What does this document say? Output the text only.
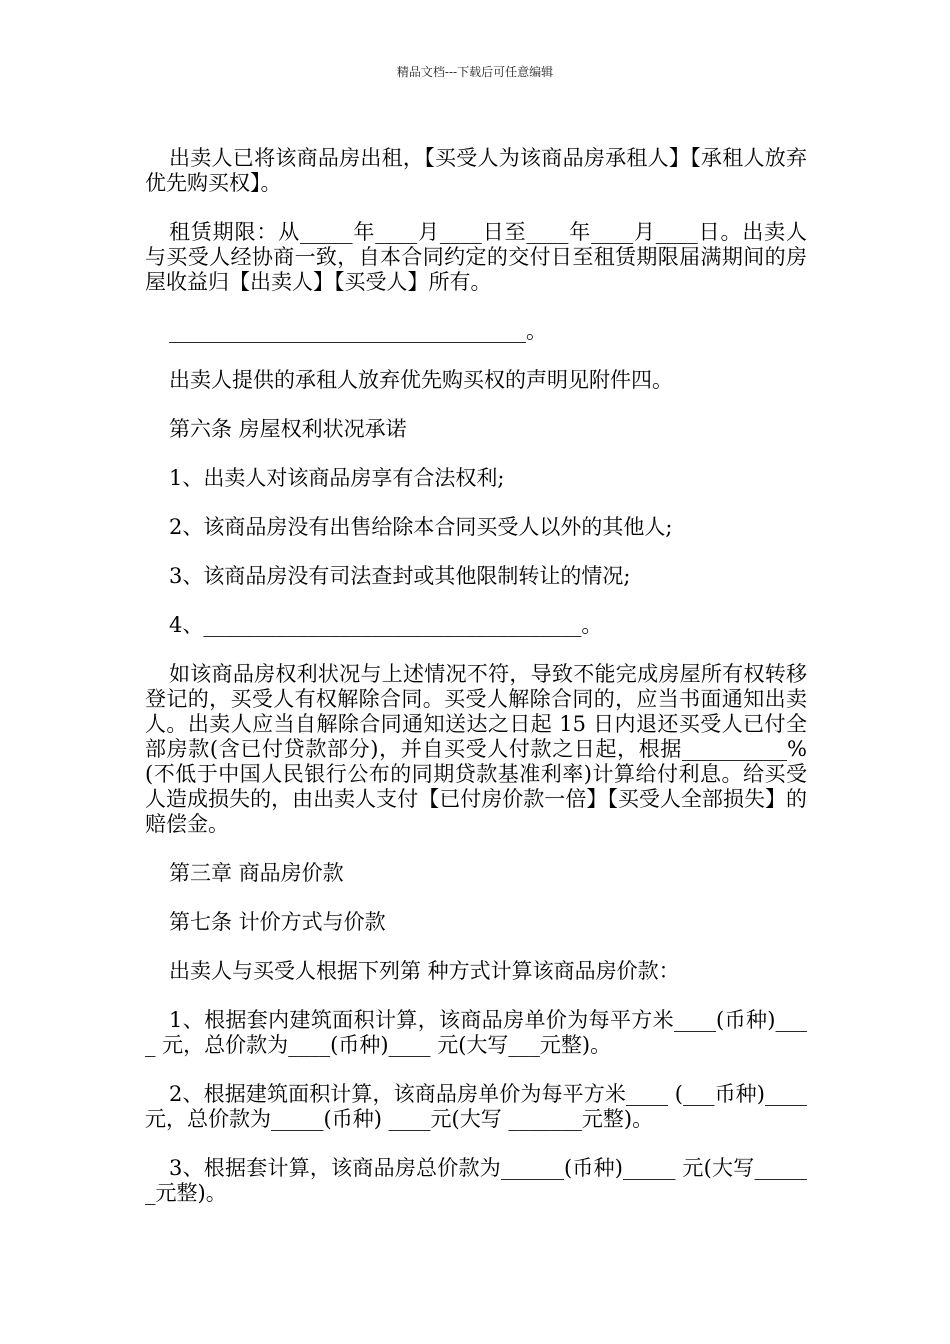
精品文档---下载后可任意编辑

出卖人已将该商品房出租，【买受人为该商品房承租人】【承租人放弃优先购买权】。

租赁期限：从_____年____月____日至____年____月____日。出卖人与买受人经协商一致，自本合同约定的交付日至租赁期限届满期间的房屋收益归【出卖人】【买受人】所有。

__________________________________。

出卖人提供的承租人放弃优先购买权的声明见附件四。

第六条 房屋权利状况承诺

1、出卖人对该商品房享有合法权利;

2、该商品房没有出售给除本合同买受人以外的其他人;

3、该商品房没有司法查封或其他限制转让的情况;

4、____________________________________。

如该商品房权利状况与上述情况不符，导致不能完成房屋所有权转移登记的，买受人有权解除合同。买受人解除合同的，应当书面通知出卖人。出卖人应当自解除合同通知送达之日起 15 日内退还买受人已付全部房款(含已付贷款部分)，并自买受人付款之日起，根据__________%(不低于中国人民银行公布的同期贷款基准利率)计算给付利息。给买受人造成损失的，由出卖人支付【已付房价款一倍】【买受人全部损失】的赔偿金。

第三章 商品房价款

第七条 计价方式与价款

出卖人与买受人根据下列第 种方式计算该商品房价款：

1、根据套内建筑面积计算，该商品房单价为每平方米____(币种)____ 元，总价款为____(币种)____ 元(大写___元整)。

2、根据建筑面积计算，该商品房单价为每平方米____ (___币种)____元，总价款为_____(币种) ____元(大写 _______元整)。

3、根据套计算，该商品房总价款为______(币种)_____ 元(大写______元整)。
